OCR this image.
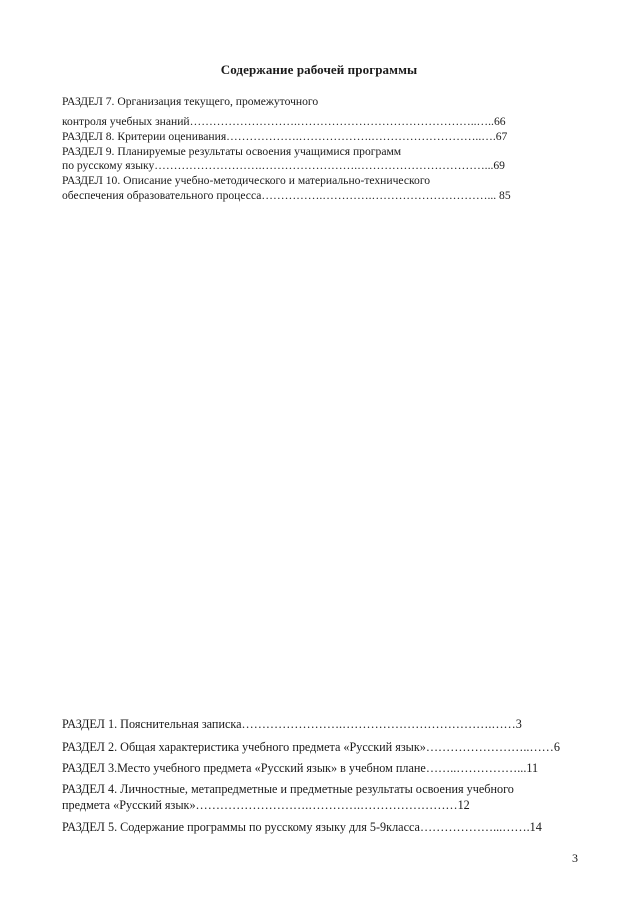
Содержание рабочей программы
РАЗДЕЛ 7. Организация текущего, промежуточного
контроля учебных знаний……………………….………………………………………..…..66
РАЗДЕЛ 8. Критерии оценивания……………….……………….………………………..….67
РАЗДЕЛ 9. Планируемые результаты освоения учащимися программ
по русскому языку……………………….…………………….……………………………...69
РАЗДЕЛ 10. Описание учебно-методического и материально-технического
обеспечения образовательного процесса…………….………….…………………………... 85
РАЗДЕЛ 1. Пояснительная записка…………………….……………………………….……3
РАЗДЕЛ 2. Общая характеристика учебного предмета «Русский язык»……………………..……6
РАЗДЕЛ 3.Место учебного предмета «Русский язык» в учебном плане……..……………...11
РАЗДЕЛ 4. Личностные, метапредметные и предметные результаты освоения учебного
предмета «Русский язык»……………………….………….……………………12
РАЗДЕЛ 5. Содержание программы по русскому языку для 5-9класса………………...…….14
3
